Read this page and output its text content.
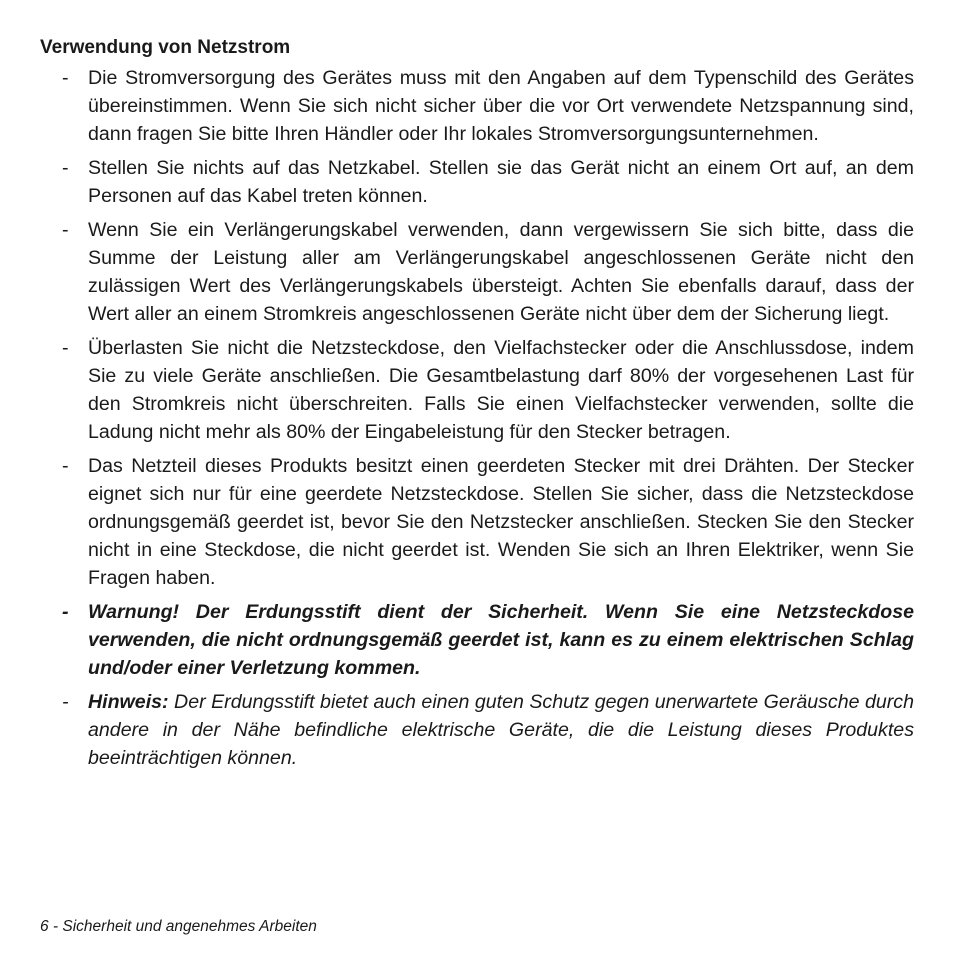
Verwendung von Netzstrom
- Die Stromversorgung des Gerätes muss mit den Angaben auf dem Typenschild des Gerätes übereinstimmen. Wenn Sie sich nicht sicher über die vor Ort verwendete Netzspannung sind, dann fragen Sie bitte Ihren Händler oder Ihr lokales Stromversorgungsunternehmen.
- Stellen Sie nichts auf das Netzkabel. Stellen sie das Gerät nicht an einem Ort auf, an dem Personen auf das Kabel treten können.
- Wenn Sie ein Verlängerungskabel verwenden, dann vergewissern Sie sich bitte, dass die Summe der Leistung aller am Verlängerungskabel angeschlossenen Geräte nicht den zulässigen Wert des Verlängerungskabels übersteigt. Achten Sie ebenfalls darauf, dass der Wert aller an einem Stromkreis angeschlossenen Geräte nicht über dem der Sicherung liegt.
- Überlasten Sie nicht die Netzsteckdose, den Vielfachstecker oder die Anschlussdose, indem Sie zu viele Geräte anschließen. Die Gesamtbelastung darf 80% der vorgesehenen Last für den Stromkreis nicht überschreiten. Falls Sie einen Vielfachstecker verwenden, sollte die Ladung nicht mehr als 80% der Eingabeleistung für den Stecker betragen.
- Das Netzteil dieses Produkts besitzt einen geerdeten Stecker mit drei Drähten. Der Stecker eignet sich nur für eine geerdete Netzsteckdose. Stellen Sie sicher, dass die Netzsteckdose ordnungsgemäß geerdet ist, bevor Sie den Netzstecker anschließen. Stecken Sie den Stecker nicht in eine Steckdose, die nicht geerdet ist. Wenden Sie sich an Ihren Elektriker, wenn Sie Fragen haben.
- Warnung! Der Erdungsstift dient der Sicherheit. Wenn Sie eine Netzsteckdose verwenden, die nicht ordnungsgemäß geerdet ist, kann es zu einem elektrischen Schlag und/oder einer Verletzung kommen.
- Hinweis: Der Erdungsstift bietet auch einen guten Schutz gegen unerwartete Geräusche durch andere in der Nähe befindliche elektrische Geräte, die die Leistung dieses Produktes beeinträchtigen können.
6 - Sicherheit und angenehmes Arbeiten
